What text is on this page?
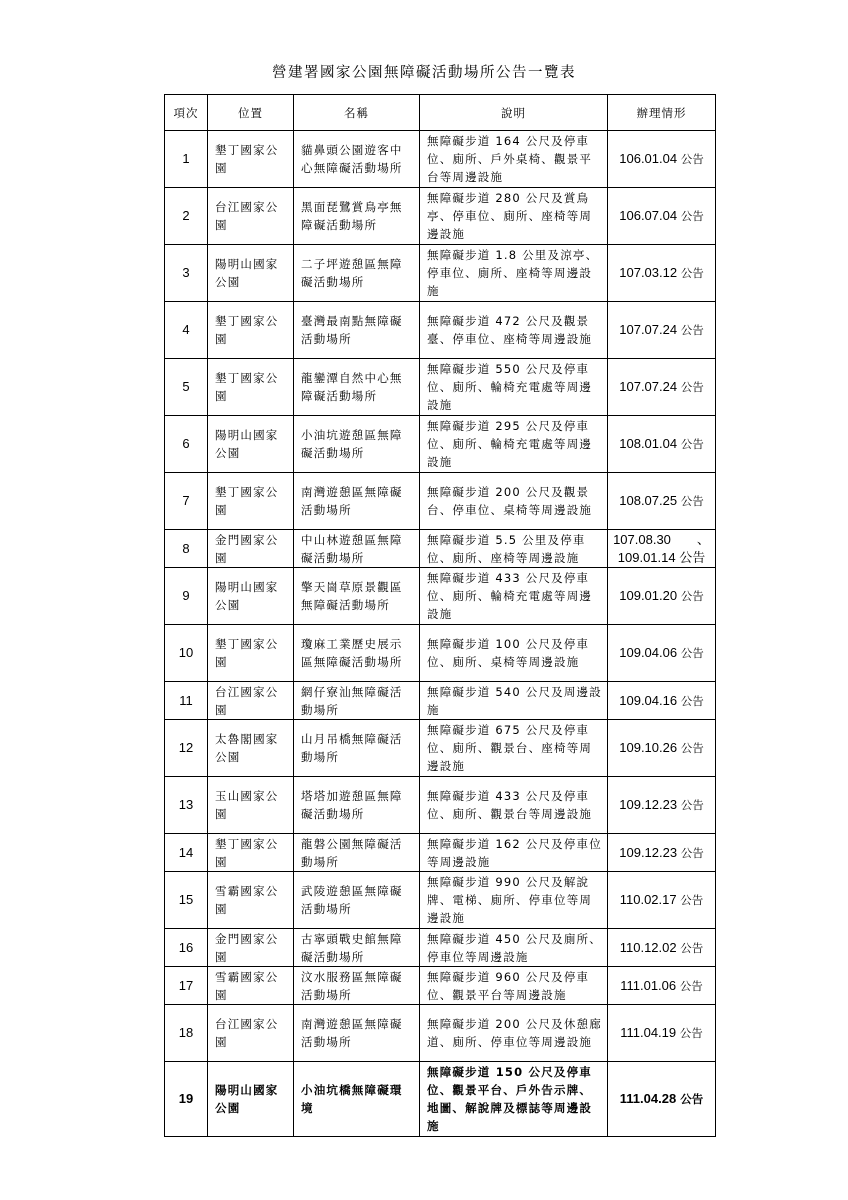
營建署國家公園無障礙活動場所公告一覽表
項次	位置	名稱	說明	辦理情形
1	墾丁國家公園	貓鼻頭公園遊客中心無障礙活動場所	無障礙步道 164 公尺及停車位、廁所、戶外桌椅、觀景平台等周邊設施	106.01.04 公告
2	台江國家公園	黑面琵鷺賞鳥亭無障礙活動場所	無障礙步道 280 公尺及賞鳥亭、停車位、廁所、座椅等周邊設施	106.07.04 公告
3	陽明山國家公園	二子坪遊憩區無障礙活動場所	無障礙步道 1.8 公里及涼亭、停車位、廁所、座椅等周邊設施	107.03.12 公告
4	墾丁國家公園	臺灣最南點無障礙活動場所	無障礙步道 472 公尺及觀景臺、停車位、座椅等周邊設施	107.07.24 公告
5	墾丁國家公園	龍鑾潭自然中心無障礙活動場所	無障礙步道 550 公尺及停車位、廁所、輪椅充電處等周邊設施	107.07.24 公告
6	陽明山國家公園	小油坑遊憩區無障礙活動場所	無障礙步道 295 公尺及停車位、廁所、輪椅充電處等周邊設施	108.01.04 公告
7	墾丁國家公園	南灣遊憩區無障礙活動場所	無障礙步道 200 公尺及觀景台、停車位、桌椅等周邊設施	108.07.25 公告
8	金門國家公園	中山林遊憩區無障礙活動場所	無障礙步道 5.5 公里及停車位、廁所、座椅等周邊設施	107.08.30　　、
109.01.14 公告
9	陽明山國家公園	擎天崗草原景觀區無障礙活動場所	無障礙步道 433 公尺及停車位、廁所、輪椅充電處等周邊設施	109.01.20 公告
10	墾丁國家公園	瓊麻工業歷史展示區無障礙活動場所	無障礙步道 100 公尺及停車位、廁所、桌椅等周邊設施	109.04.06 公告
11	台江國家公園	網仔寮汕無障礙活動場所	無障礙步道 540 公尺及周邊設施	109.04.16 公告
12	太魯閣國家公園	山月吊橋無障礙活動場所	無障礙步道 675 公尺及停車位、廁所、觀景台、座椅等周邊設施	109.10.26 公告
13	玉山國家公園	塔塔加遊憩區無障礙活動場所	無障礙步道 433 公尺及停車位、廁所、觀景台等周邊設施	109.12.23 公告
14	墾丁國家公園	龍磐公園無障礙活動場所	無障礙步道 162 公尺及停車位等周邊設施	109.12.23 公告
15	雪霸國家公園	武陵遊憩區無障礙活動場所	無障礙步道 990 公尺及解說牌、電梯、廁所、停車位等周邊設施	110.02.17 公告
16	金門國家公園	古寧頭戰史館無障礙活動場所	無障礙步道 450 公尺及廁所、停車位等周邊設施	110.12.02 公告
17	雪霸國家公園	汶水服務區無障礙活動場所	無障礙步道 960 公尺及停車位、觀景平台等周邊設施	111.01.06 公告
18	台江國家公園	南灣遊憩區無障礙活動場所	無障礙步道 200 公尺及休憩廊道、廁所、停車位等周邊設施	111.04.19 公告
19	陽明山國家公園	小油坑橋無障礙環境	無障礙步道 150 公尺及停車位、觀景平台、戶外告示牌、地圖、解說牌及標誌等周邊設施	111.04.28 公告
